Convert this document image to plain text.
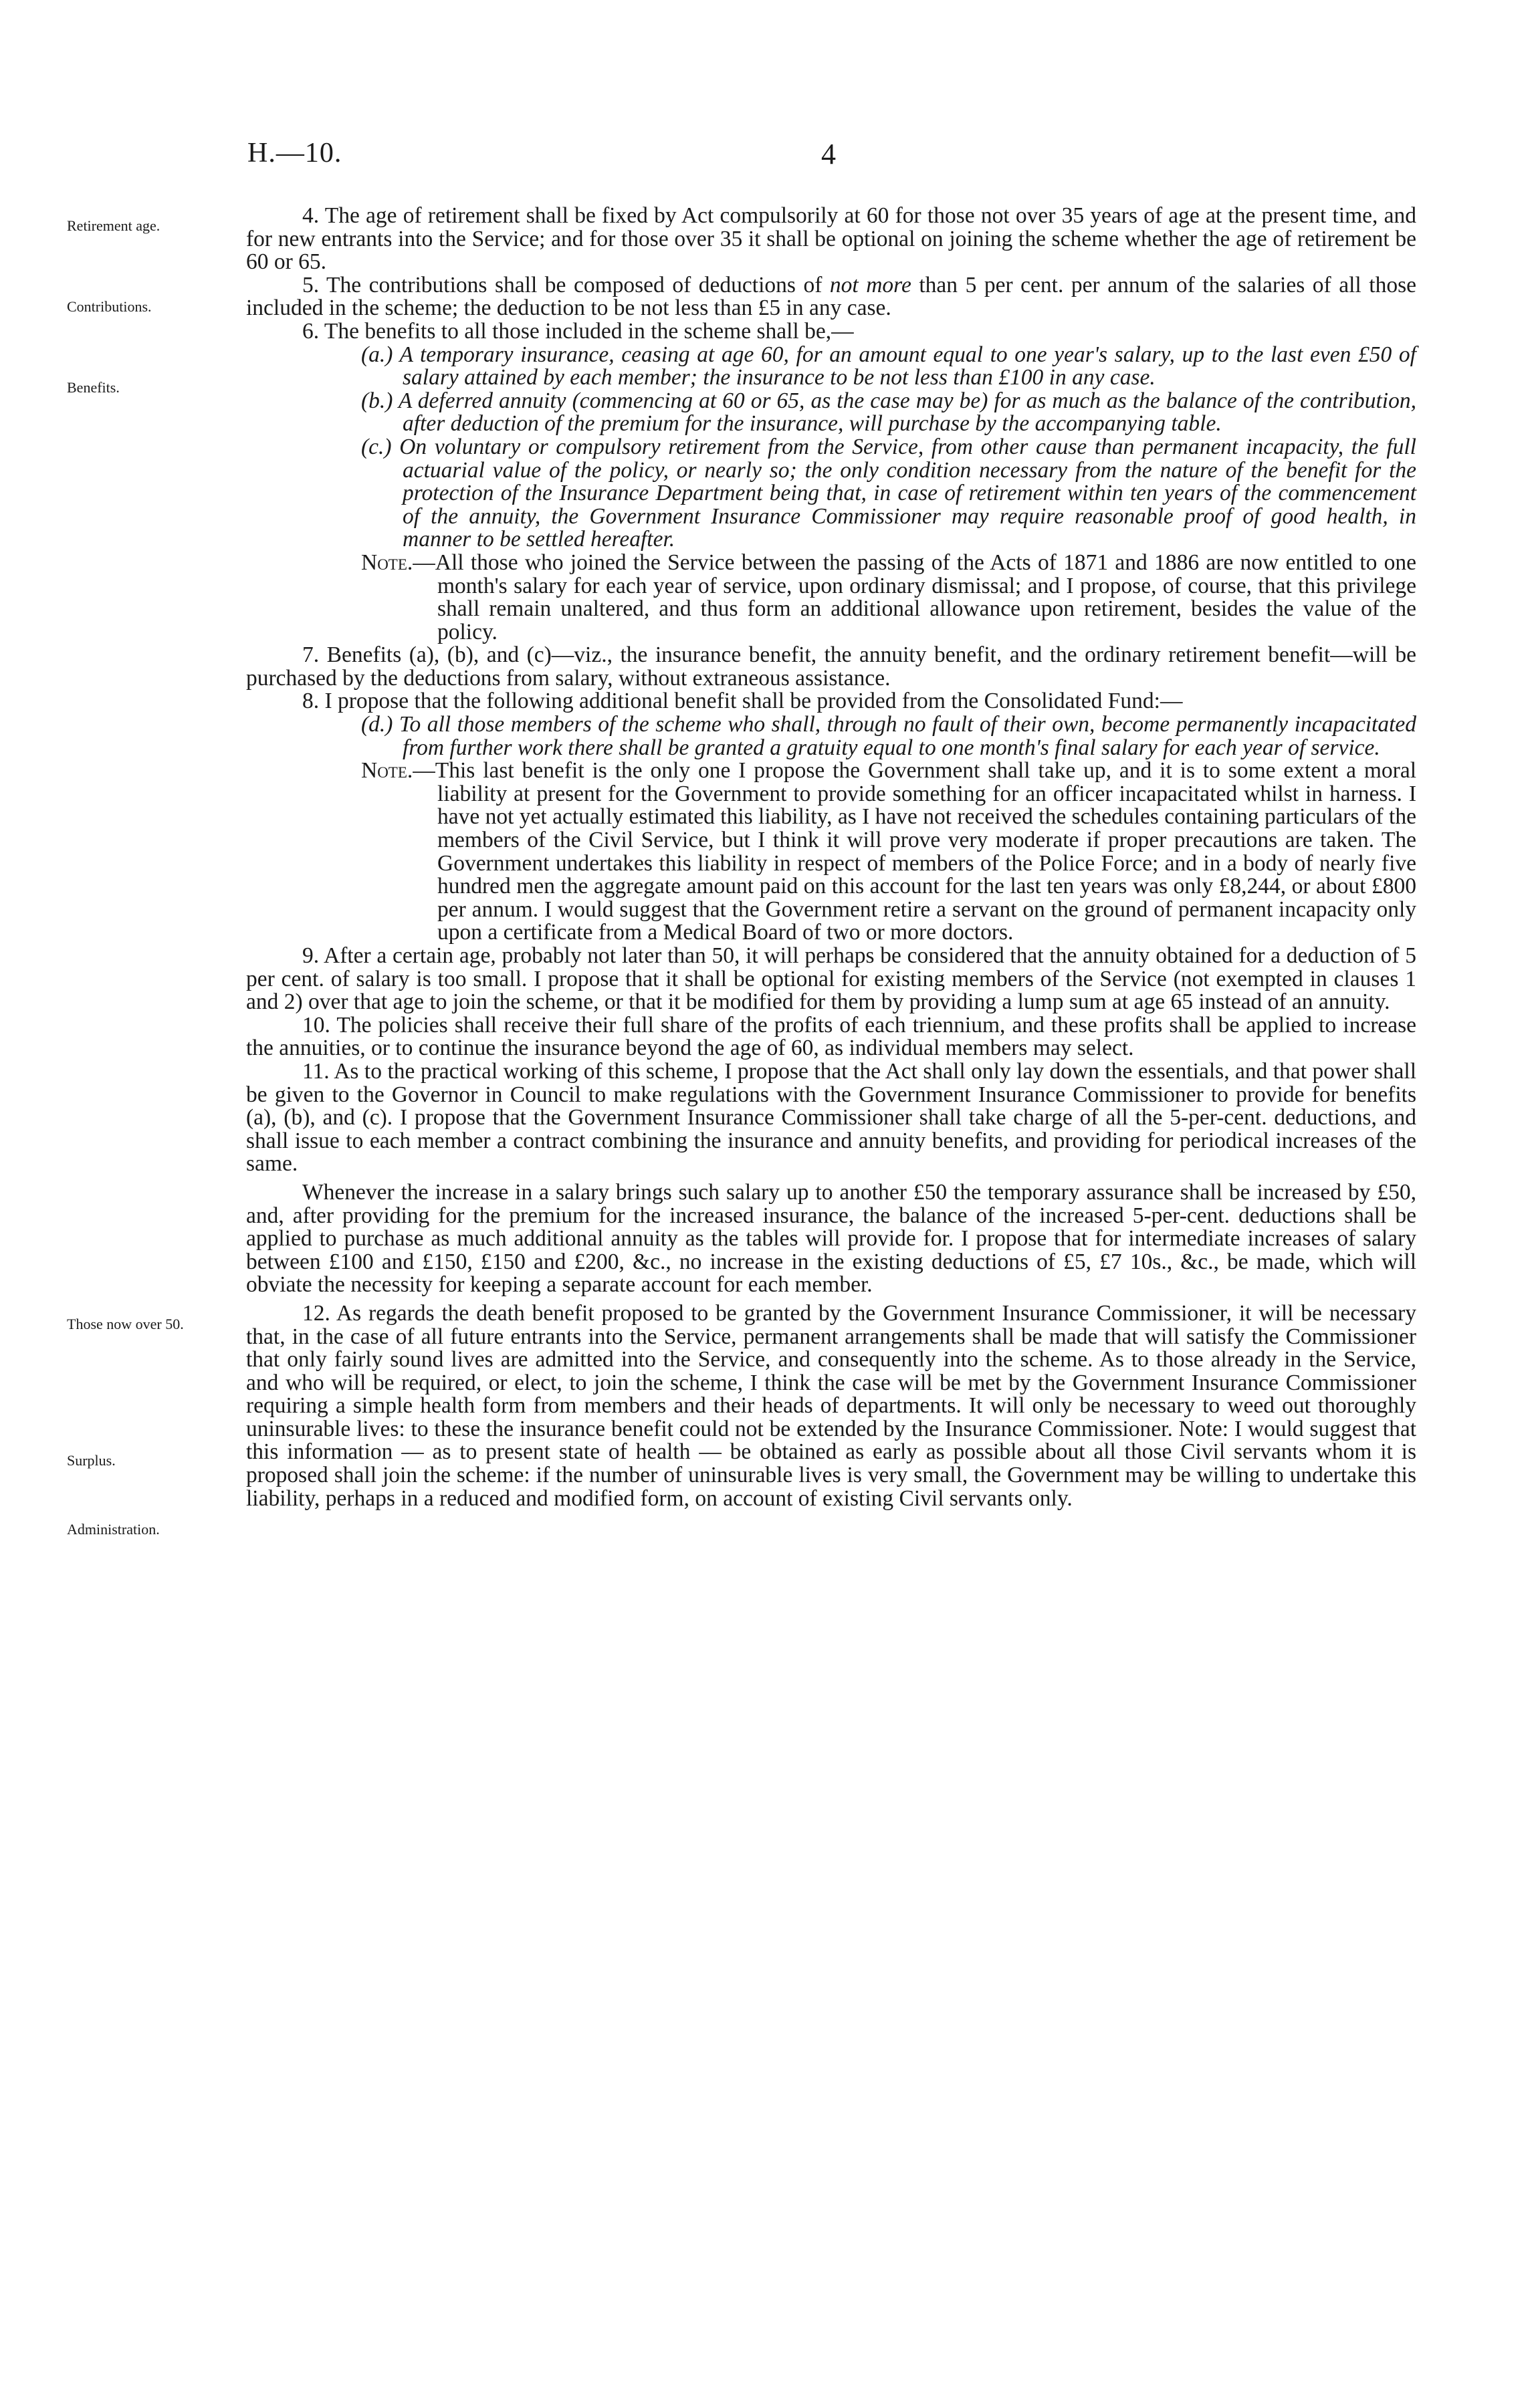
H.—10.	4
Retirement age.
Contributions.
Benefits.
Those now over 50.
Surplus.
Administration.

4. The age of retirement shall be fixed by Act compulsorily at 60 for those not over 35 years of age at the present time, and for new entrants into the Service; and for those over 35 it shall be optional on joining the scheme whether the age of retirement be 60 or 65.

5. The contributions shall be composed of deductions of not more than 5 per cent. per annum of the salaries of all those included in the scheme; the deduction to be not less than £5 in any case.

6. The benefits to all those included in the scheme shall be,—

(a.) A temporary insurance, ceasing at age 60, for an amount equal to one year's salary, up to the last even £50 of salary attained by each member; the insurance to be not less than £100 in any case.

(b.) A deferred annuity (commencing at 60 or 65, as the case may be) for as much as the balance of the contribution, after deduction of the premium for the insurance, will purchase by the accompanying table.

(c.) On voluntary or compulsory retirement from the Service, from other cause than permanent incapacity, the full actuarial value of the policy, or nearly so; the only condition necessary from the nature of the benefit for the protection of the Insurance Department being that, in case of retirement within ten years of the commencement of the annuity, the Government Insurance Commissioner may require reasonable proof of good health, in manner to be settled hereafter.

Note.—All those who joined the Service between the passing of the Acts of 1871 and 1886 are now entitled to one month's salary for each year of service, upon ordinary dismissal; and I propose, of course, that this privilege shall remain unaltered, and thus form an additional allowance upon retirement, besides the value of the policy.

7. Benefits (a), (b), and (c)—viz., the insurance benefit, the annuity benefit, and the ordinary retirement benefit—will be purchased by the deductions from salary, without extraneous assistance.

8. I propose that the following additional benefit shall be provided from the Consolidated Fund:—

(d.) To all those members of the scheme who shall, through no fault of their own, become permanently incapacitated from further work there shall be granted a gratuity equal to one month's final salary for each year of service.

Note.—This last benefit is the only one I propose the Government shall take up, and it is to some extent a moral liability at present for the Government to provide something for an officer incapacitated whilst in harness. I have not yet actually estimated this liability, as I have not received the schedules containing particulars of the members of the Civil Service, but I think it will prove very moderate if proper precautions are taken. The Government undertakes this liability in respect of members of the Police Force; and in a body of nearly five hundred men the aggregate amount paid on this account for the last ten years was only £8,244, or about £800 per annum. I would suggest that the Government retire a servant on the ground of permanent incapacity only upon a certificate from a Medical Board of two or more doctors.

9. After a certain age, probably not later than 50, it will perhaps be considered that the annuity obtained for a deduction of 5 per cent. of salary is too small. I propose that it shall be optional for existing members of the Service (not exempted in clauses 1 and 2) over that age to join the scheme, or that it be modified for them by providing a lump sum at age 65 instead of an annuity.

10. The policies shall receive their full share of the profits of each triennium, and these profits shall be applied to increase the annuities, or to continue the insurance beyond the age of 60, as individual members may select.

11. As to the practical working of this scheme, I propose that the Act shall only lay down the essentials, and that power shall be given to the Governor in Council to make regulations with the Government Insurance Commissioner to provide for benefits (a), (b), and (c). I propose that the Government Insurance Commissioner shall take charge of all the 5-per-cent. deductions, and shall issue to each member a contract combining the insurance and annuity benefits, and providing for periodical increases of the same.

Whenever the increase in a salary brings such salary up to another £50 the temporary assurance shall be increased by £50, and, after providing for the premium for the increased insurance, the balance of the increased 5-per-cent. deductions shall be applied to purchase as much additional annuity as the tables will provide for. I propose that for intermediate increases of salary between £100 and £150, £150 and £200, &c., no increase in the existing deductions of £5, £7 10s., &c., be made, which will obviate the necessity for keeping a separate account for each member.

12. As regards the death benefit proposed to be granted by the Government Insurance Commissioner, it will be necessary that, in the case of all future entrants into the Service, permanent arrangements shall be made that will satisfy the Commissioner that only fairly sound lives are admitted into the Service, and consequently into the scheme. As to those already in the Service, and who will be required, or elect, to join the scheme, I think the case will be met by the Government Insurance Commissioner requiring a simple health form from members and their heads of departments. It will only be necessary to weed out thoroughly uninsurable lives: to these the insurance benefit could not be extended by the Insurance Commissioner. Note: I would suggest that this information — as to present state of health — be obtained as early as possible about all those Civil servants whom it is proposed shall join the scheme: if the number of uninsurable lives is very small, the Government may be willing to undertake this liability, perhaps in a reduced and modified form, on account of existing Civil servants only.
